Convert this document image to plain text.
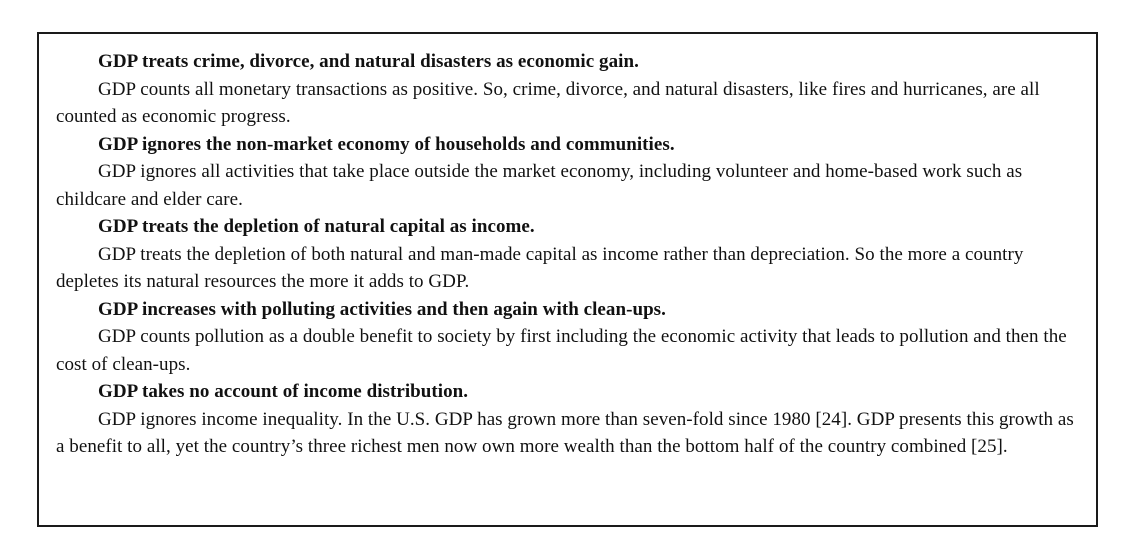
GDP treats crime, divorce, and natural disasters as economic gain.

GDP counts all monetary transactions as positive. So, crime, divorce, and natural disasters, like fires and hurricanes, are all counted as economic progress.

GDP ignores the non-market economy of households and communities.

GDP ignores all activities that take place outside the market economy, including volunteer and home-based work such as childcare and elder care.

GDP treats the depletion of natural capital as income.

GDP treats the depletion of both natural and man-made capital as income rather than depreciation. So the more a country depletes its natural resources the more it adds to GDP.

GDP increases with polluting activities and then again with clean-ups.

GDP counts pollution as a double benefit to society by first including the economic activity that leads to pollution and then the cost of clean-ups.

GDP takes no account of income distribution.

GDP ignores income inequality. In the U.S. GDP has grown more than seven-fold since 1980 [24]. GDP presents this growth as a benefit to all, yet the country’s three richest men now own more wealth than the bottom half of the country combined [25].
